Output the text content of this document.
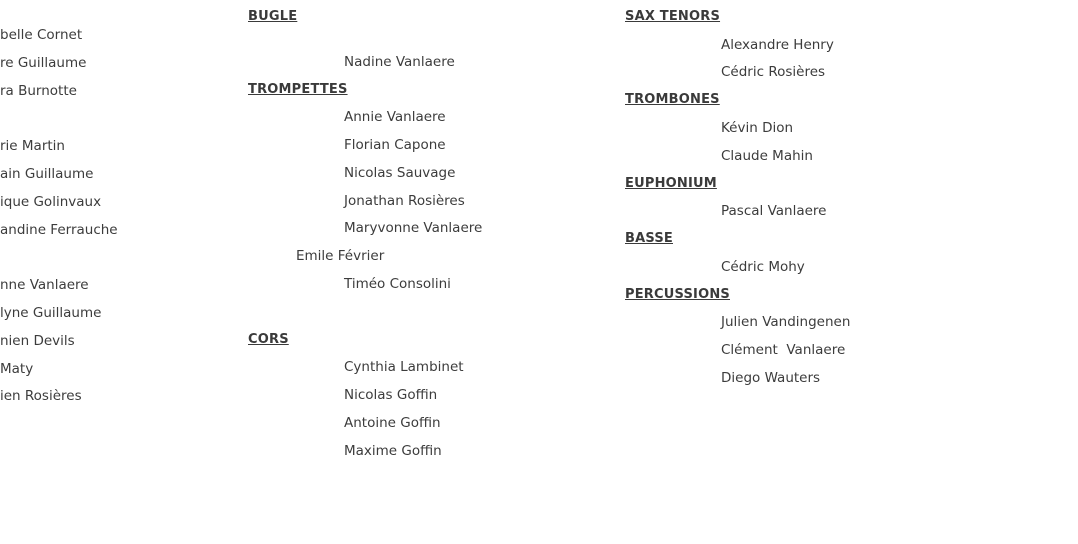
belle Cornet
re Guillaume
ra Burnotte
rie Martin
ain Guillaume
ique Golinvaux
andine Ferrauche
nne Vanlaere
lyne Guillaume
nien Devils
Maty
ien Rosières
BUGLE
Nadine Vanlaere
TROMPETTES
Annie Vanlaere
Florian Capone
Nicolas Sauvage
Jonathan Rosières
Maryvonne Vanlaere
Emile Février
Timéo Consolini
CORS
Cynthia Lambinet
Nicolas Goffin
Antoine Goffin
Maxime Goffin
SAX TENORS
Alexandre Henry
Cédric Rosières
TROMBONES
Kévin Dion
Claude Mahin
EUPHONIUM
Pascal Vanlaere
BASSE
Cédric Mohy
PERCUSSIONS
Julien Vandingenen
Clément  Vanlaere
Diego Wauters
